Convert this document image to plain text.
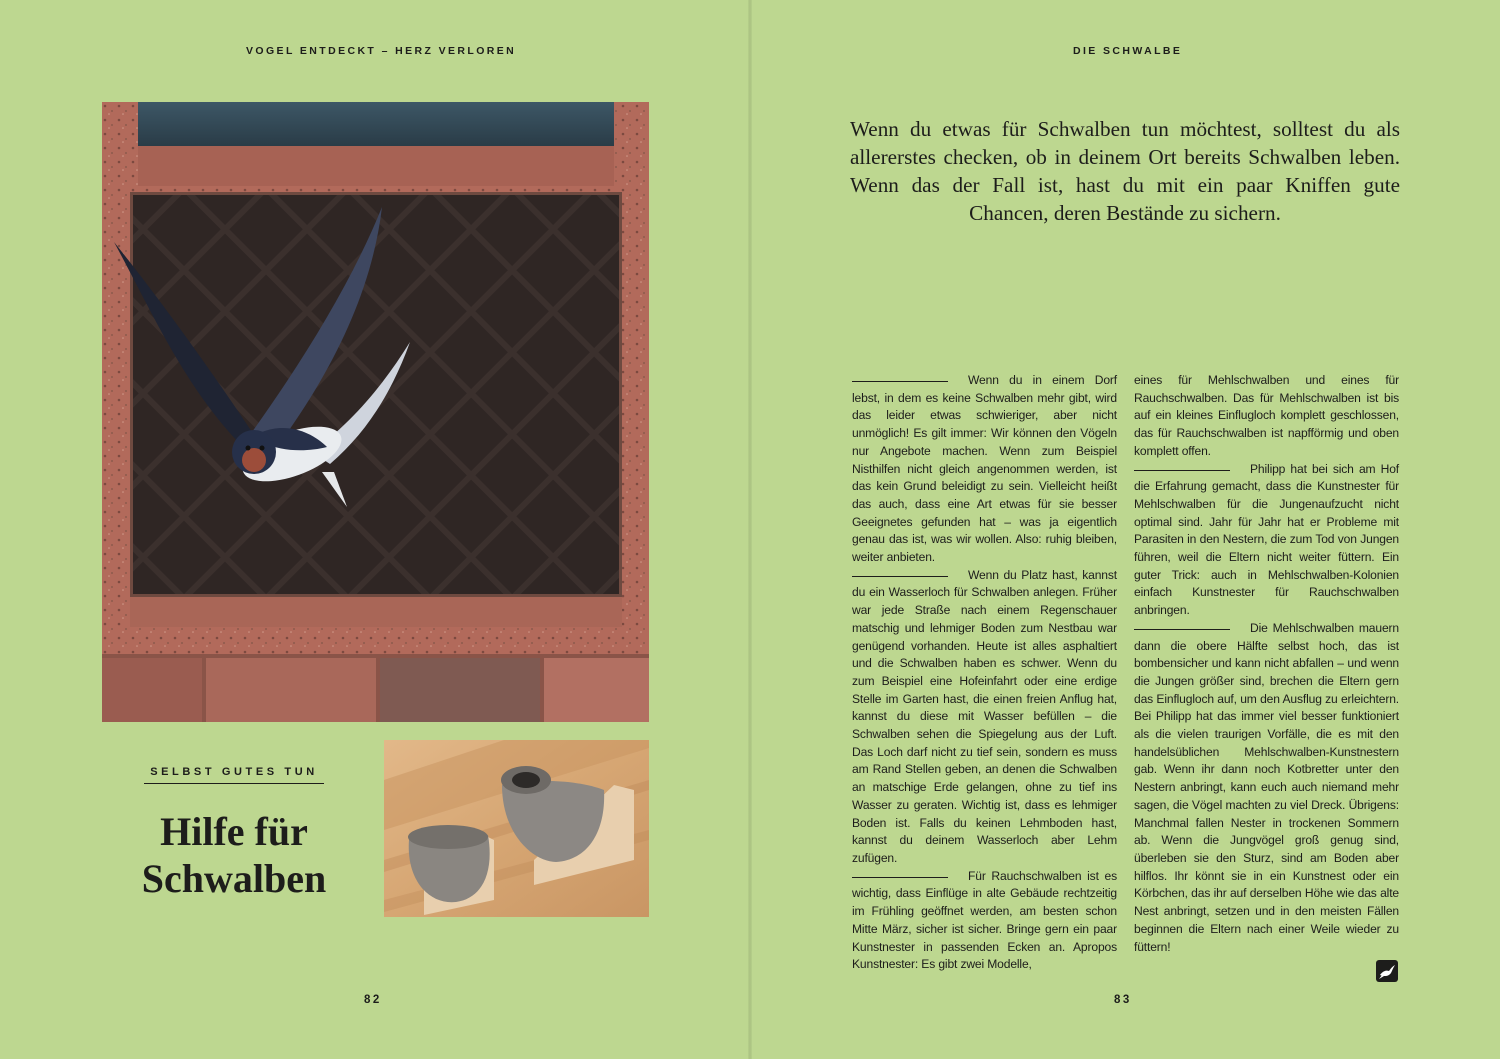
VOGEL ENTDECKT – HERZ VERLOREN
SELBST GUTES TUN
Hilfe für
Schwalben
82
DIE SCHWALBE

Wenn du etwas für Schwalben tun möchtest, solltest du als allererstes checken, ob in deinem Ort bereits Schwalben leben. Wenn das der Fall ist, hast du mit ein paar Kniffen gute Chancen, deren Bestände zu sichern.

Wenn du in einem Dorf lebst, in dem es keine Schwalben mehr gibt, wird das leider etwas schwieriger, aber nicht unmöglich! Es gilt immer: Wir können den Vögeln nur Angebote machen. Wenn zum Beispiel Nisthilfen nicht gleich angenommen werden, ist das kein Grund beleidigt zu sein. Vielleicht heißt das auch, dass eine Art etwas für sie besser Geeignetes gefunden hat – was ja eigentlich genau das ist, was wir wollen. Also: ruhig bleiben, weiter anbieten.

Wenn du Platz hast, kannst du ein Wasserloch für Schwalben anlegen. Früher war jede Straße nach einem Regenschauer matschig und lehmiger Boden zum Nestbau war genügend vorhanden. Heute ist alles asphaltiert und die Schwalben haben es schwer. Wenn du zum Beispiel eine Hofeinfahrt oder eine erdige Stelle im Garten hast, die einen freien Anflug hat, kannst du diese mit Wasser befüllen – die Schwalben sehen die Spiegelung aus der Luft. Das Loch darf nicht zu tief sein, sondern es muss am Rand Stellen geben, an denen die Schwalben an matschige Erde gelangen, ohne zu tief ins Wasser zu geraten. Wichtig ist, dass es lehmiger Boden ist. Falls du keinen Lehmboden hast, kannst du deinem Wasserloch aber Lehm zufügen.

Für Rauchschwalben ist es wichtig, dass Einflüge in alte Gebäude rechtzeitig im Frühling geöffnet werden, am besten schon Mitte März, sicher ist sicher. Bringe gern ein paar Kunstnester in passenden Ecken an. Apropos Kunstnester: Es gibt zwei Modelle,

eines für Mehlschwalben und eines für Rauchschwalben. Das für Mehlschwalben ist bis auf ein kleines Einflugloch komplett geschlossen, das für Rauchschwalben ist napfförmig und oben komplett offen.

Philipp hat bei sich am Hof die Erfahrung gemacht, dass die Kunstnester für Mehlschwalben für die Jungenaufzucht nicht optimal sind. Jahr für Jahr hat er Probleme mit Parasiten in den Nestern, die zum Tod von Jungen führen, weil die Eltern nicht weiter füttern. Ein guter Trick: auch in Mehlschwalben-Kolonien einfach Kunstnester für Rauchschwalben anbringen.

Die Mehlschwalben mauern dann die obere Hälfte selbst hoch, das ist bombensicher und kann nicht abfallen – und wenn die Jungen größer sind, brechen die Eltern gern das Einflugloch auf, um den Ausflug zu erleichtern. Bei Philipp hat das immer viel besser funktioniert als die vielen traurigen Vorfälle, die es mit den handelsüblichen Mehlschwalben-Kunstnestern gab. Wenn ihr dann noch Kotbretter unter den Nestern anbringt, kann euch auch niemand mehr sagen, die Vögel machten zu viel Dreck. Übrigens: Manchmal fallen Nester in trockenen Sommern ab. Wenn die Jungvögel groß genug sind, überleben sie den Sturz, sind am Boden aber hilflos. Ihr könnt sie in ein Kunstnest oder ein Körbchen, das ihr auf derselben Höhe wie das alte Nest anbringt, setzen und in den meisten Fällen beginnen die Eltern nach einer Weile wieder zu füttern!

83
